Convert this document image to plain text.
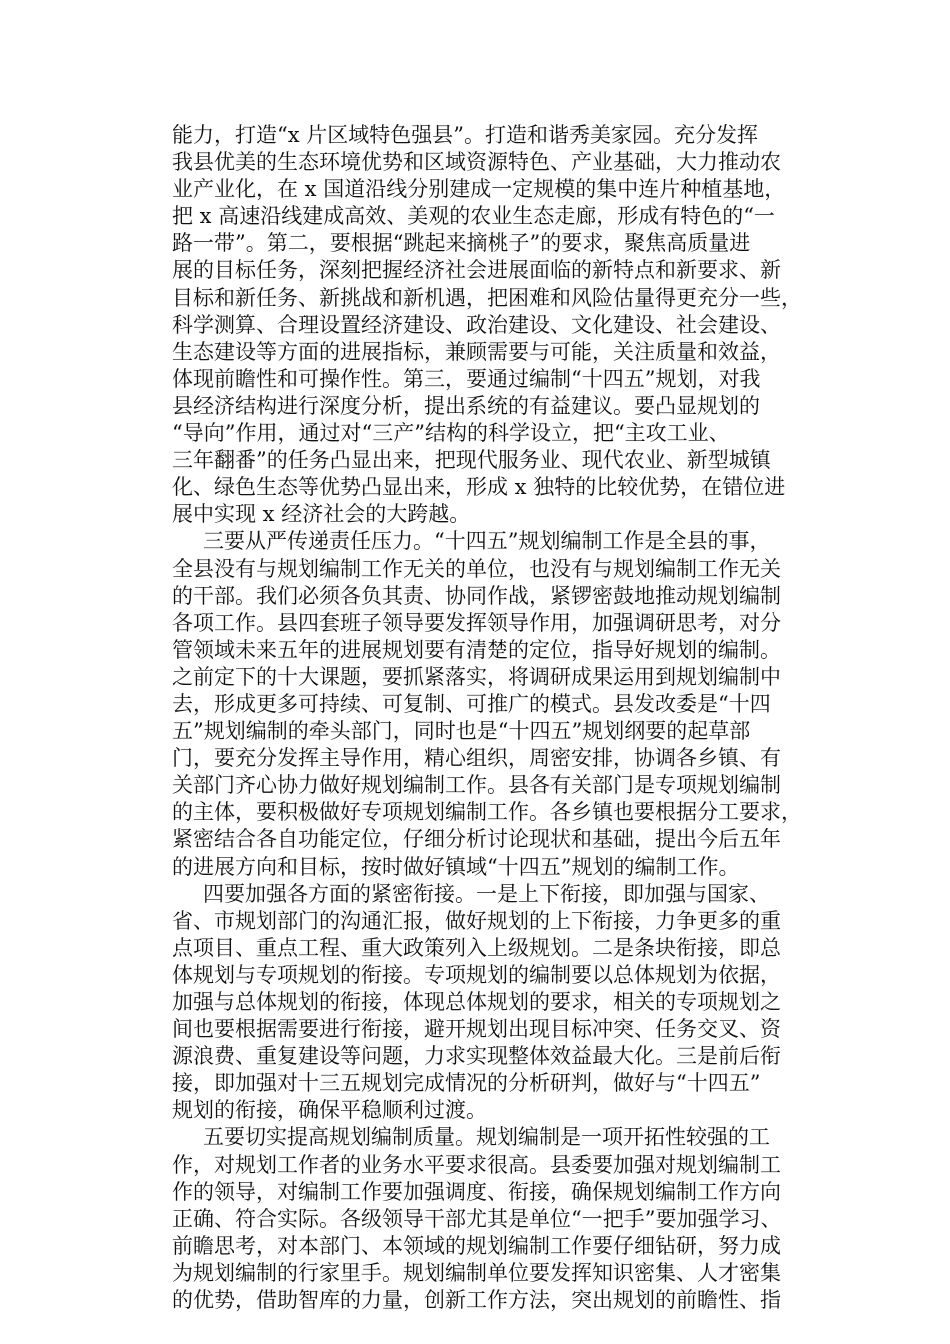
能力，打造“x 片区域特色强县”。打造和谐秀美家园。充分发挥
我县优美的生态环境优势和区域资源特色、产业基础，大力推动农
业产业化，在 x 国道沿线分别建成一定规模的集中连片种植基地，
把 x 高速沿线建成高效、美观的农业生态走廊，形成有特色的“一
路一带”。第二，要根据“跳起来摘桃子”的要求，聚焦高质量进
展的目标任务，深刻把握经济社会进展面临的新特点和新要求、新
目标和新任务、新挑战和新机遇，把困难和风险估量得更充分一些，
科学测算、合理设置经济建设、政治建设、文化建设、社会建设、
生态建设等方面的进展指标，兼顾需要与可能，关注质量和效益，
体现前瞻性和可操作性。第三，要通过编制“十四五”规划，对我
县经济结构进行深度分析，提出系统的有益建议。要凸显规划的
“导向”作用，通过对“三产”结构的科学设立，把“主攻工业、
三年翻番”的任务凸显出来，把现代服务业、现代农业、新型城镇
化、绿色生态等优势凸显出来，形成 x 独特的比较优势，在错位进
展中实现 x 经济社会的大跨越。
三要从严传递责任压力。“十四五”规划编制工作是全县的事，
全县没有与规划编制工作无关的单位，也没有与规划编制工作无关
的干部。我们必须各负其责、协同作战，紧锣密鼓地推动规划编制
各项工作。县四套班子领导要发挥领导作用，加强调研思考，对分
管领域未来五年的进展规划要有清楚的定位，指导好规划的编制。
之前定下的十大课题，要抓紧落实，将调研成果运用到规划编制中
去，形成更多可持续、可复制、可推广的模式。县发改委是“十四
五”规划编制的牵头部门，同时也是“十四五”规划纲要的起草部
门，要充分发挥主导作用，精心组织，周密安排，协调各乡镇、有
关部门齐心协力做好规划编制工作。县各有关部门是专项规划编制
的主体，要积极做好专项规划编制工作。各乡镇也要根据分工要求，
紧密结合各自功能定位，仔细分析讨论现状和基础，提出今后五年
的进展方向和目标，按时做好镇域“十四五”规划的编制工作。
四要加强各方面的紧密衔接。一是上下衔接，即加强与国家、
省、市规划部门的沟通汇报，做好规划的上下衔接，力争更多的重
点项目、重点工程、重大政策列入上级规划。二是条块衔接，即总
体规划与专项规划的衔接。专项规划的编制要以总体规划为依据，
加强与总体规划的衔接，体现总体规划的要求，相关的专项规划之
间也要根据需要进行衔接，避开规划出现目标冲突、任务交叉、资
源浪费、重复建设等问题，力求实现整体效益最大化。三是前后衔
接，即加强对十三五规划完成情况的分析研判，做好与“十四五”
规划的衔接，确保平稳顺利过渡。
五要切实提高规划编制质量。规划编制是一项开拓性较强的工
作，对规划工作者的业务水平要求很高。县委要加强对规划编制工
作的领导，对编制工作要加强调度、衔接，确保规划编制工作方向
正确、符合实际。各级领导干部尤其是单位“一把手”要加强学习、
前瞻思考，对本部门、本领域的规划编制工作要仔细钻研，努力成
为规划编制的行家里手。规划编制单位要发挥知识密集、人才密集
的优势，借助智库的力量，创新工作方法，突出规划的前瞻性、指
